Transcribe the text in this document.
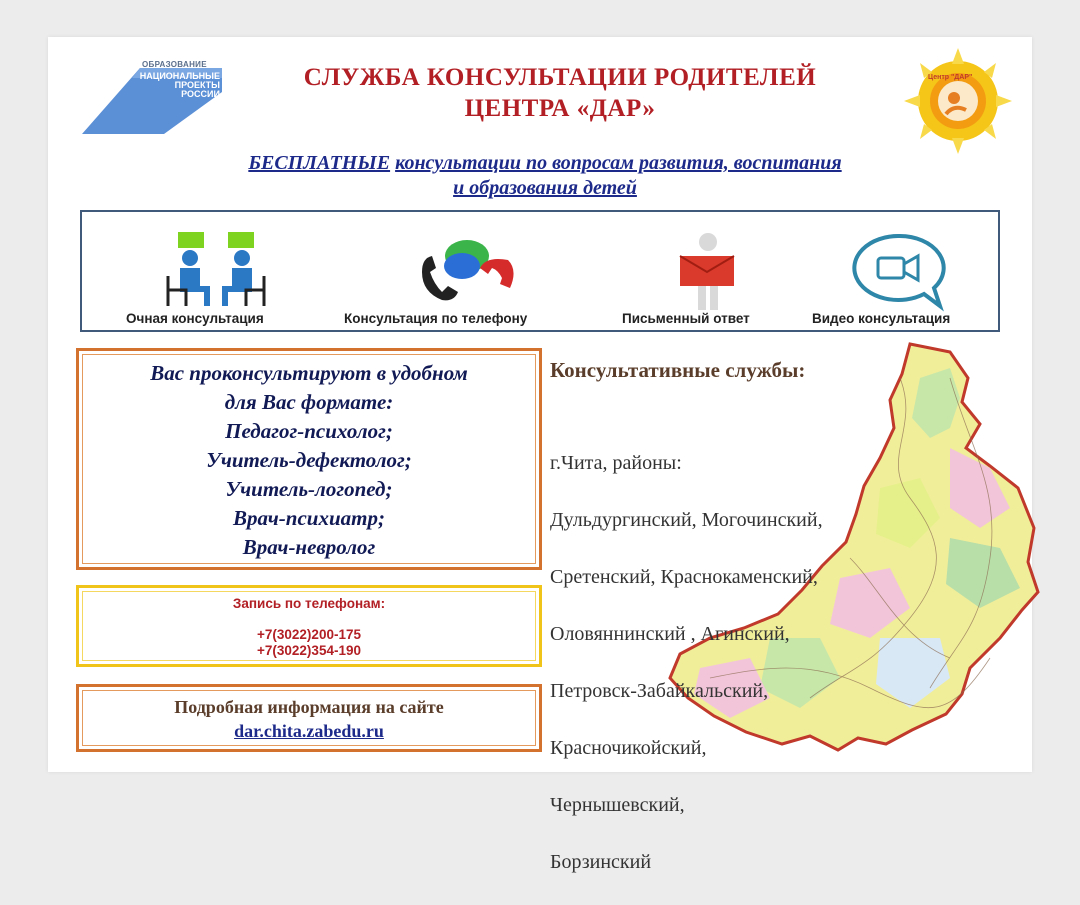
ОБРАЗОВАНИЕ
НАЦИОНАЛЬНЫЕ
ПРОЕКТЫ
РОССИИ
СЛУЖБА КОНСУЛЬТАЦИИ РОДИТЕЛЕЙ
ЦЕНТРА «ДАР»
Центр "ДАР"
БЕСПЛАТНЫЕ консультации по вопросам развития, воспитания
и образования детей
Очная консультация	Консультация по телефону	Письменный ответ	Видео консультация
Вас проконсультируют в удобном
для Вас формате:
Педагог-психолог;
Учитель-дефектолог;
Учитель-логопед;
Врач-психиатр;
Врач-невролог
Запись по телефонам:
+7(3022)200-175
+7(3022)354-190
Подробная информация на сайте
dar.chita.zabedu.ru
Консультативные службы:

г.Чита, районы:

Дульдургинский, Могочинский,

Сретенский, Краснокаменский,

Оловяннинский , Агинский,

Петровск-Забайкальский,

Красночикойский,

Чернышевский,

Борзинский
